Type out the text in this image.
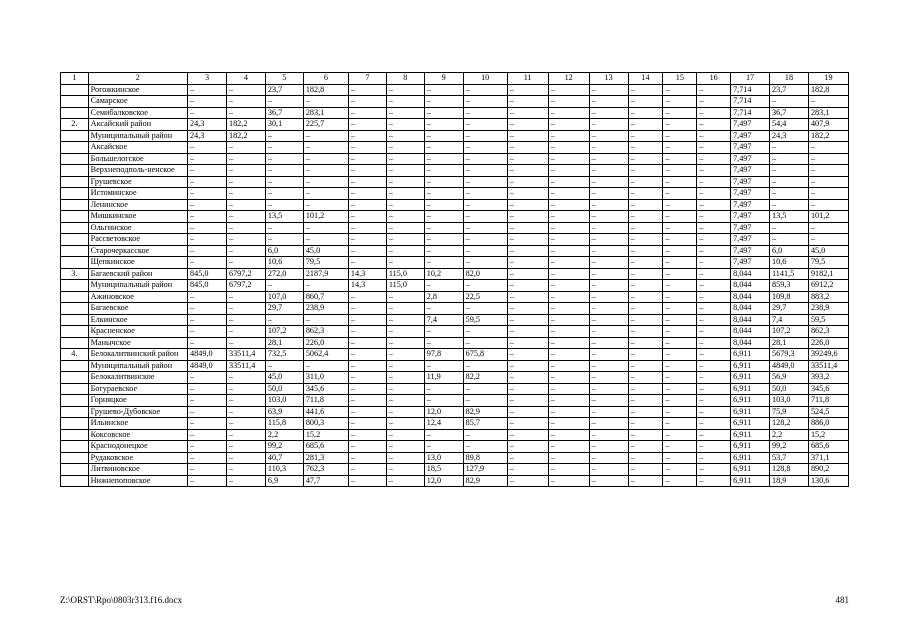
1	2	3	4	5	6	7	8	9	10	11	12	13	14	15	16	17	18	19
	Рогожкинское	–	–	23,7	182,8	–	–	–	–	–	–	–	–	–	–	7,714	23,7	182,8
	Самарское	–	–	–	–	–	–	–	–	–	–	–	–	–	–	7,714	–	–
	Семибалковское	–	–	36,7	283,1	–	–	–	–	–	–	–	–	–	–	7,714	36,7	283,1
2.	Аксайский район	24,3	182,2	30,1	225,7	–	–	–	–	–	–	–	–	–	–	7,497	54,4	407,9
	Муниципальный район	24,3	182,2	–	–	–	–	–	–	–	–	–	–	–	–	7,497	24,3	182,2
	Аксайское	–	–	–	–	–	–	–	–	–	–	–	–	–	–	7,497	–	–
	Большелогское	–	–	–	–	–	–	–	–	–	–	–	–	–	–	7,497	–	–
	Верхнеподполь-ненское	–	–	–	–	–	–	–	–	–	–	–	–	–	–	7,497	–	–
	Грушевское	–	–	–	–	–	–	–	–	–	–	–	–	–	–	7,497	–	–
	Истоминское	–	–	–	–	–	–	–	–	–	–	–	–	–	–	7,497	–	–
	Ленинское	–	–	–	–	–	–	–	–	–	–	–	–	–	–	7,497	–	–
	Мишкинское	–	–	13,5	101,2	–	–	–	–	–	–	–	–	–	–	7,497	13,5	101,2
	Ольгинское	–	–	–	–	–	–	–	–	–	–	–	–	–	–	7,497	–	–
	Рассветовское	–	–	–	–	–	–	–	–	–	–	–	–	–	–	7,497	–	–
	Старочеркасское	–	–	6,0	45,0	–	–	–	–	–	–	–	–	–	–	7,497	6,0	45,0
	Щепкинское	–	–	10,6	79,5	–	–	–	–	–	–	–	–	–	–	7,497	10,6	79,5
3.	Багаевский район	845,0	6797,2	272,0	2187,9	14,3	115,0	10,2	82,0	–	–	–	–	–	–	8,044	1141,5	9182,1
	Муниципальный район	845,0	6797,2	–	–	14,3	115,0	–	–	–	–	–	–	–	–	8,044	859,3	6912,2
	Ажиновское	–	–	107,0	860,7	–	–	2,8	22,5	–	–	–	–	–	–	8,044	109,8	883,2
	Багаевское	–	–	29,7	238,9	–	–	–	–	–	–	–	–	–	–	8,044	29,7	238,9
	Елкинское	–	–	–	–	–	–	7,4	59,5	–	–	–	–	–	–	8,044	7,4	59,5
	Красненское	–	–	107,2	862,3	–	–	–	–	–	–	–	–	–	–	8,044	107,2	862,3
	Манычское	–	–	28,1	226,0	–	–	–	–	–	–	–	–	–	–	8,044	28,1	226,0
4.	Белокалитвинский район	4849,0	33511,4	732,5	5062,4	–	–	97,8	675,8	–	–	–	–	–	–	6,911	5679,3	39249,6
	Муниципальный район	4849,0	33511,4	–	–	–	–	–	–	–	–	–	–	–	–	6,911	4849,0	33511,4
	Белокалитвинское	–	–	45,0	311,0	–	–	11,9	82,2	–	–	–	–	–	–	6,911	56,9	393,2
	Богураевское	–	–	50,0	345,6	–	–	–	–	–	–	–	–	–	–	6,911	50,0	345,6
	Горняцкое	–	–	103,0	711,8	–	–	–	–	–	–	–	–	–	–	6,911	103,0	711,8
	Грушево-Дубовское	–	–	63,9	441,6	–	–	12,0	82,9	–	–	–	–	–	–	6,911	75,9	524,5
	Ильинское	–	–	115,8	800,3	–	–	12,4	85,7	–	–	–	–	–	–	6,911	128,2	886,0
	Коксовское	–	–	2,2	15,2	–	–	–	–	–	–	–	–	–	–	6,911	2,2	15,2
	Краснодонецкое	–	–	99,2	685,6	–	–	–	–	–	–	–	–	–	–	6,911	99,2	685,6
	Рудаковское	–	–	40,7	281,3	–	–	13,0	89,8	–	–	–	–	–	–	6,911	53,7	371,1
	Литвиновское	–	–	110,3	762,3	–	–	18,5	127,9	–	–	–	–	–	–	6,911	128,8	890,2
	Нижнепоповское	–	–	6,9	47,7	–	–	12,0	82,9	–	–	–	–	–	–	6,911	18,9	130,6
Z:\ORST\Rpo\0803r313.f16.docx	481
